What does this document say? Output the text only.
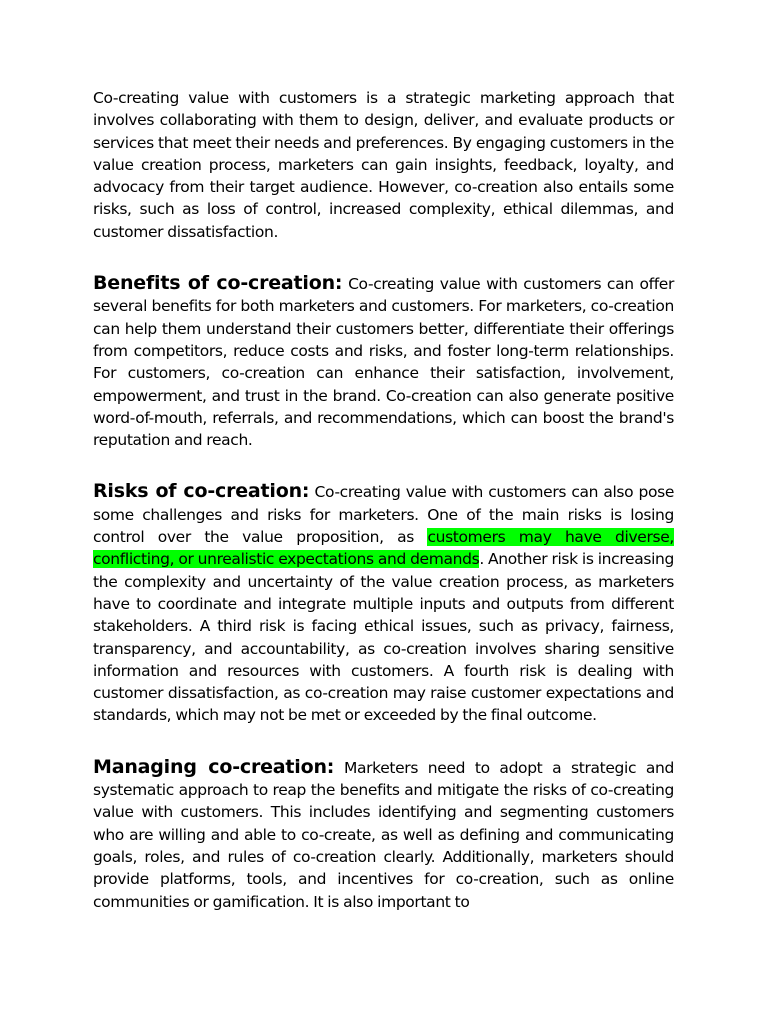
Co-creating value with customers is a strategic marketing approach that involves collaborating with them to design, deliver, and evaluate products or services that meet their needs and preferences. By engaging customers in the value creation process, marketers can gain insights, feedback, loyalty, and advocacy from their target audience. However, co-creation also entails some risks, such as loss of control, increased complexity, ethical dilemmas, and customer dissatisfaction.

Benefits of co-creation: Co-creating value with customers can offer several benefits for both marketers and customers. For marketers, co-creation can help them understand their customers better, differentiate their offerings from competitors, reduce costs and risks, and foster long-term relationships. For customers, co-creation can enhance their satisfaction, involvement, empowerment, and trust in the brand. Co-creation can also generate positive word-of-mouth, referrals, and recommendations, which can boost the brand's reputation and reach.

Risks of co-creation: Co-creating value with customers can also pose some challenges and risks for marketers. One of the main risks is losing control over the value proposition, as customers may have diverse, conflicting, or unrealistic expectations and demands. Another risk is increasing the complexity and uncertainty of the value creation process, as marketers have to coordinate and integrate multiple inputs and outputs from different stakeholders. A third risk is facing ethical issues, such as privacy, fairness, transparency, and accountability, as co-creation involves sharing sensitive information and resources with customers. A fourth risk is dealing with customer dissatisfaction, as co-creation may raise customer expectations and standards, which may not be met or exceeded by the final outcome.

Managing co-creation: Marketers need to adopt a strategic and systematic approach to reap the benefits and mitigate the risks of co-creating value with customers. This includes identifying and segmenting customers who are willing and able to co-create, as well as defining and communicating goals, roles, and rules of co-creation clearly. Additionally, marketers should provide platforms, tools, and incentives for co-creation, such as online communities or gamification. It is also important to
